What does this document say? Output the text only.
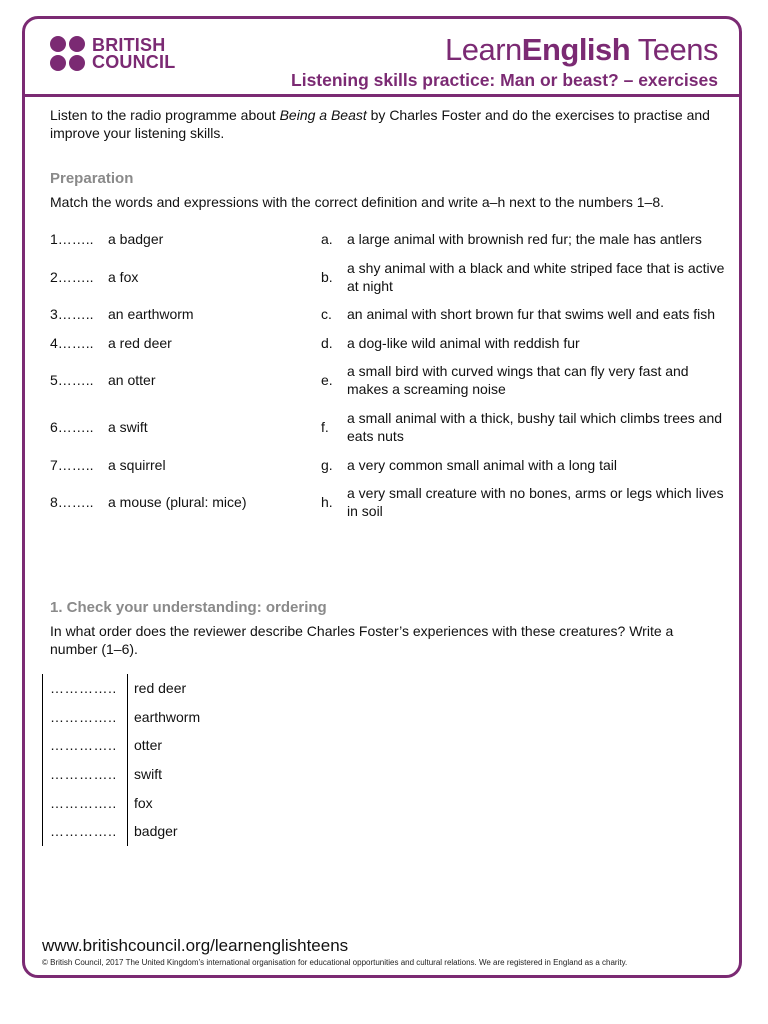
BRITISH
COUNCIL	LearnEnglish Teens
Listening skills practice: Man or beast? – exercises

Listen to the radio programme about Being a Beast by Charles Foster and do the exercises to practise and improve your listening skills.

Preparation

Match the words and expressions with the correct definition and write a–h next to the numbers 1–8.

1…….. a badger	a. a large animal with brownish red fur; the male has antlers
2…….. a fox	b.
a shy animal with a black and white striped face that is active at night
3…….. an earthworm	c. an animal with short brown fur that swims well and eats fish
4…….. a red deer	d. a dog-like wild animal with reddish fur
5…….. an otter	e.
a small bird with curved wings that can fly very fast and makes a screaming noise
6…….. a swift	f.
a small animal with a thick, bushy tail which climbs trees and eats nuts
7…….. a squirrel	g. a very common small animal with a long tail
8…….. a mouse (plural: mice)	h.
a very small creature with no bones, arms or legs which lives in soil

1. Check your understanding: ordering

In what order does the reviewer describe Charles Foster’s experiences with these creatures? Write a number (1–6).

…………..	red deer
…………..	earthworm
…………..	otter
…………..	swift
…………..	fox
…………..	badger
www.britishcouncil.org/learnenglishteens
© British Council, 2017 The United Kingdom’s international organisation for educational opportunities and cultural relations. We are registered in England as a charity.
